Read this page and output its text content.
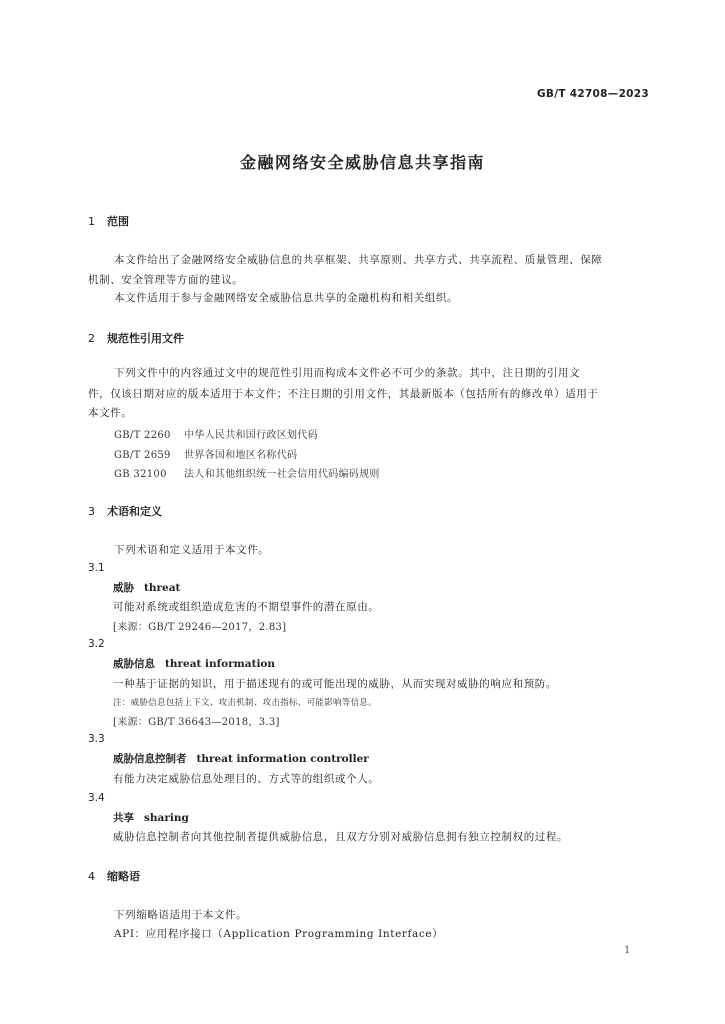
GB/T 42708—2023
金融网络安全威胁信息共享指南
1 范围
本文件给出了金融网络安全威胁信息的共享框架、共享原则、共享方式、共享流程、质量管理、保障
机制、安全管理等方面的建议。
本文件适用于参与金融网络安全威胁信息共享的金融机构和相关组织。
2 规范性引用文件
下列文件中的内容通过文中的规范性引用而构成本文件必不可少的条款。其中，注日期的引用文
件，仅该日期对应的版本适用于本文件；不注日期的引用文件，其最新版本（包括所有的修改单）适用于
本文件。
GB/T 2260 中华人民共和国行政区划代码
GB/T 2659 世界各国和地区名称代码
GB 32100 法人和其他组织统一社会信用代码编码规则
3 术语和定义
下列术语和定义适用于本文件。
3.1
威胁 threat
可能对系统或组织造成危害的不期望事件的潜在原由。
[来源：GB/T 29246—2017，2.83]
3.2
威胁信息 threat information
一种基于证据的知识，用于描述现有的或可能出现的威胁，从而实现对威胁的响应和预防。
注：威胁信息包括上下文、攻击机制、攻击指标、可能影响等信息。
[来源：GB/T 36643—2018，3.3]
3.3
威胁信息控制者 threat information controller
有能力决定威胁信息处理目的、方式等的组织或个人。
3.4
共享 sharing
威胁信息控制者向其他控制者提供威胁信息，且双方分别对威胁信息拥有独立控制权的过程。
4 缩略语
下列缩略语适用于本文件。
API：应用程序接口（Application Programming Interface）
1
